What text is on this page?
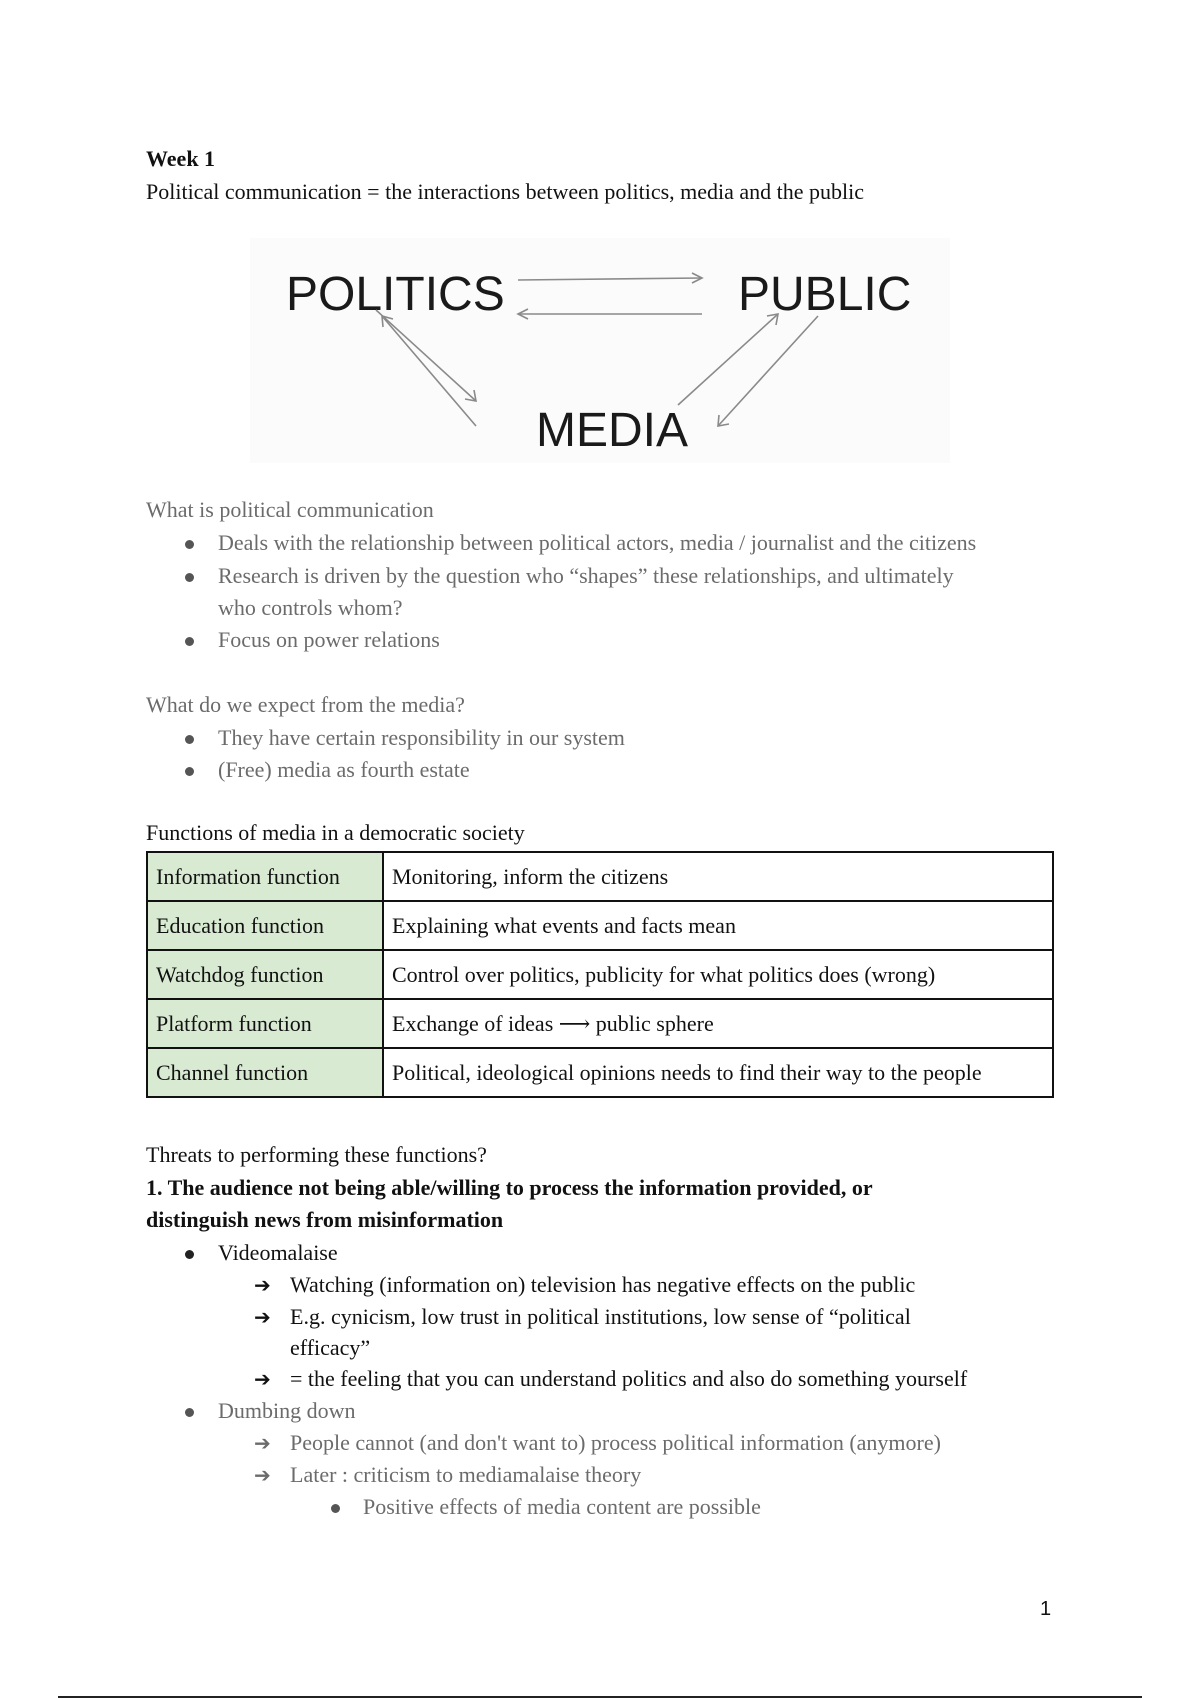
Week 1
Political communication = the interactions between politics, media and the public
POLITICS	PUBLIC
MEDIA
What is political communication
Deals with the relationship between political actors, media / journalist and the citizens
Research is driven by the question who “shapes” these relationships, and ultimately
who controls whom?
Focus on power relations
What do we expect from the media?
They have certain responsibility in our system
(Free) media as fourth estate
Functions of media in a democratic society
Information function	Monitoring, inform the citizens
Education function	Explaining what events and facts mean
Watchdog function	Control over politics, publicity for what politics does (wrong)
Platform function	Exchange of ideas ⟶ public sphere
Channel function	Political, ideological opinions needs to find their way to the people
Threats to performing these functions?
1. The audience not being able/willing to process the information provided, or
distinguish news from misinformation
Videomalaise
➔ Watching (information on) television has negative effects on the public
➔ E.g. cynicism, low trust in political institutions, low sense of “political
efficacy”
➔ = the feeling that you can understand politics and also do something yourself
Dumbing down
➔ People cannot (and don't want to) process political information (anymore)
➔ Later : criticism to mediamalaise theory
Positive effects of media content are possible
1
